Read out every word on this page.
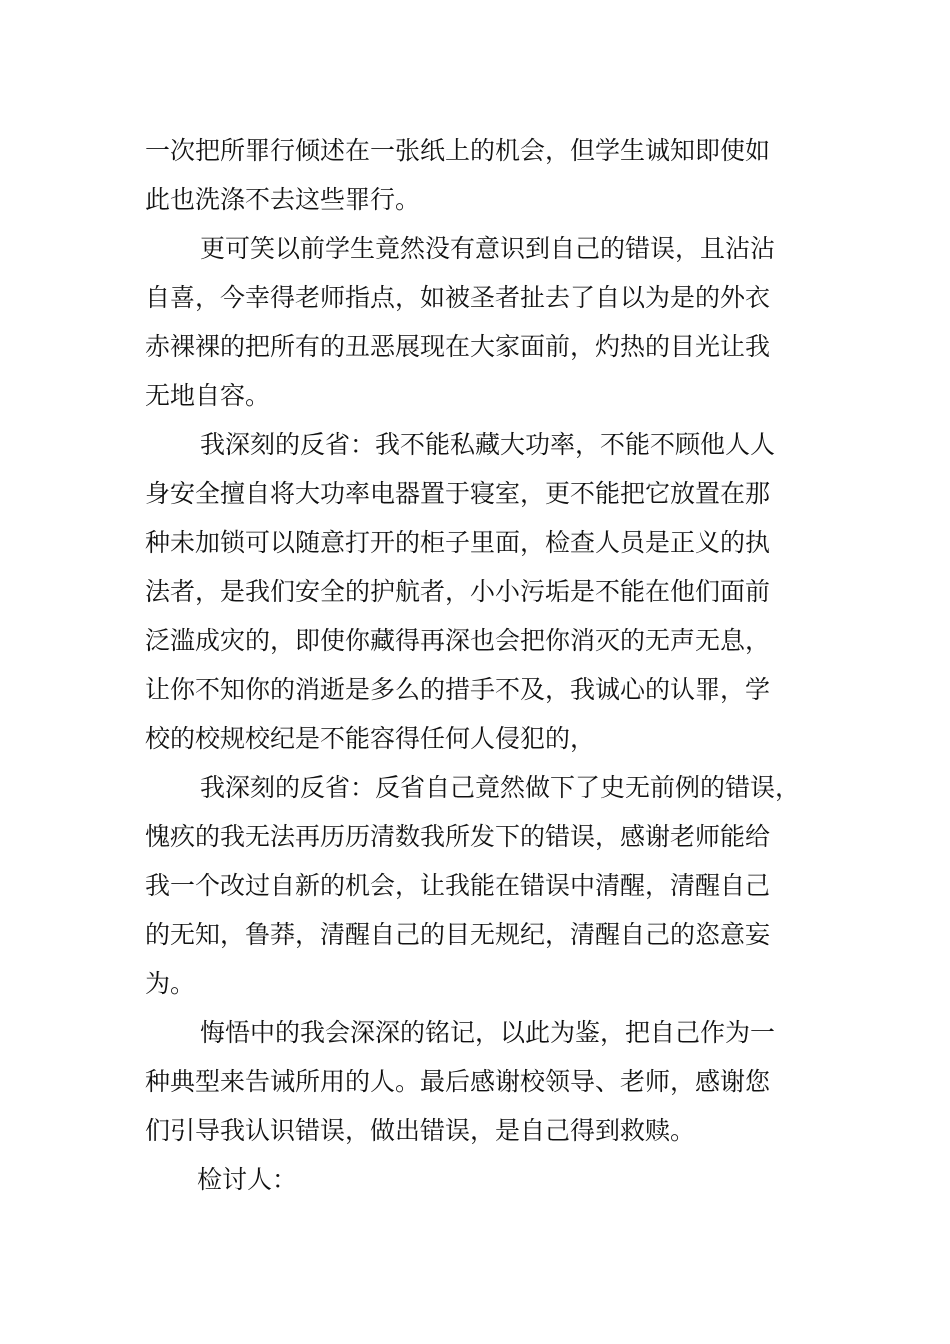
一次把所罪行倾述在一张纸上的机会，但学生诚知即使如
此也洗涤不去这些罪行。
更可笑以前学生竟然没有意识到自己的错误，且沾沾
自喜，今幸得老师指点，如被圣者扯去了自以为是的外衣
赤裸裸的把所有的丑恶展现在大家面前，灼热的目光让我
无地自容。
我深刻的反省：我不能私藏大功率，不能不顾他人人
身安全擅自将大功率电器置于寝室，更不能把它放置在那
种未加锁可以随意打开的柜子里面，检查人员是正义的执
法者，是我们安全的护航者，小小污垢是不能在他们面前
泛滥成灾的，即使你藏得再深也会把你消灭的无声无息，
让你不知你的消逝是多么的措手不及，我诚心的认罪，学
校的校规校纪是不能容得任何人侵犯的，
我深刻的反省：反省自己竟然做下了史无前例的错误，
愧疚的我无法再历历清数我所发下的错误，感谢老师能给
我一个改过自新的机会，让我能在错误中清醒，清醒自己
的无知，鲁莽，清醒自己的目无规纪，清醒自己的恣意妄
为。
悔悟中的我会深深的铭记，以此为鉴，把自己作为一
种典型来告诫所用的人。最后感谢校领导、老师，感谢您
们引导我认识错误，做出错误，是自己得到救赎。
检讨人：
